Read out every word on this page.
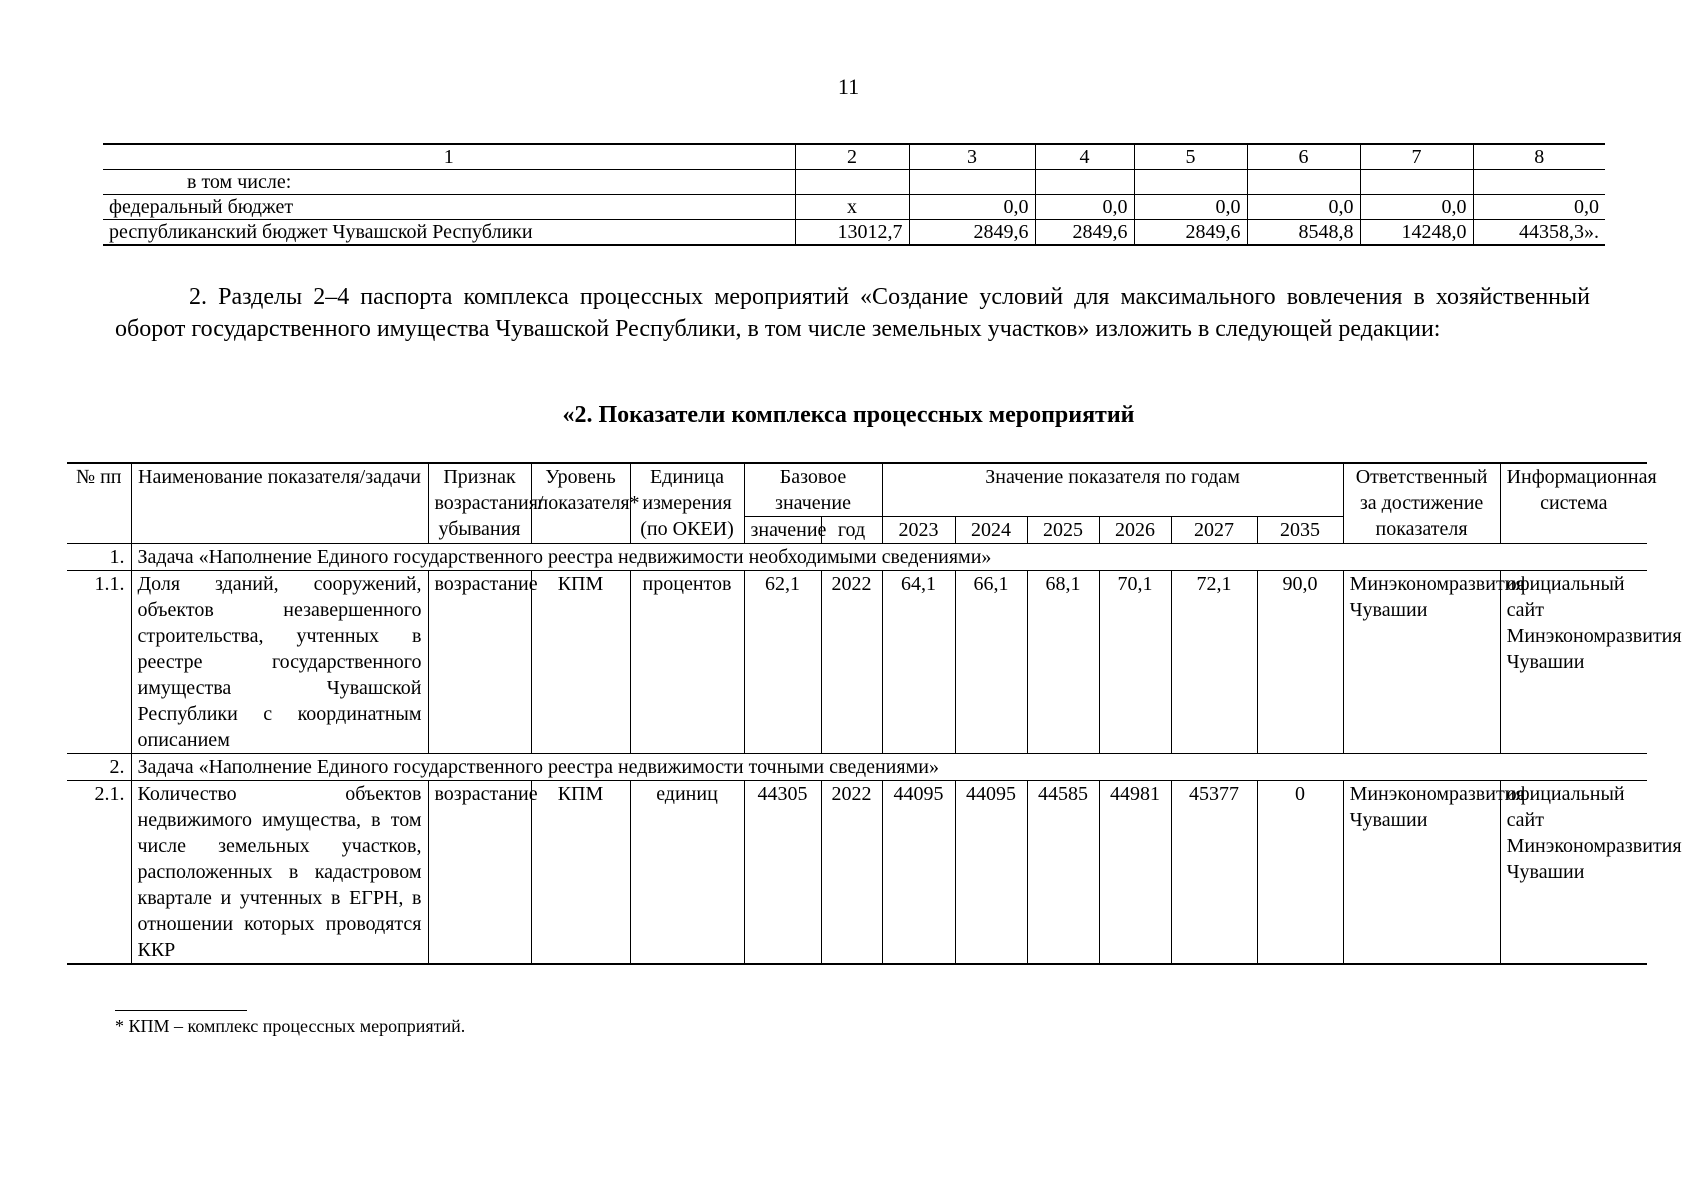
11
1	2	3	4	5	6	7	8
в том числе:							
федеральный бюджет	х	0,0	0,0	0,0	0,0	0,0	0,0
республиканский бюджет Чувашской Республики	13012,7	2849,6	2849,6	2849,6	8548,8	14248,0	44358,3».
2. Разделы 2–4 паспорта комплекса процессных мероприятий «Создание условий для максимального вовлечения в хозяйственный оборот государственного имущества Чувашской Республики, в том числе земельных участков» изложить в следующей редакции:
«2. Показатели комплекса процессных мероприятий
№ пп	Наименование показателя/задачи	Признак возрастания/убывания	Уровень показателя*	Единица измерения (по ОКЕИ)	Базовое значение		Значение показателя по годам						Ответственный за достижение показателя	Информационная система
					значение	год	2023	2024	2025	2026	2027	2035		
1.	Задача «Наполнение Единого государственного реестра недвижимости необходимыми сведениями»													
1.1.	Доля зданий, сооружений, объектов незавершенного строительства, учтенных в реестре государственного имущества Чувашской Республики с координатным описанием	возрастание	КПМ	процентов	62,1	2022	64,1	66,1	68,1	70,1	72,1	90,0	Минэкономразвития Чувашии	официальный сайт Минэкономразвития Чувашии
2.	Задача «Наполнение Единого государственного реестра недвижимости точными сведениями»													
2.1.	Количество объектов недвижимого имущества, в том числе земельных участков, расположенных в кадастровом квартале и учтенных в ЕГРН, в отношении которых проводятся ККР	возрастание	КПМ	единиц	44305	2022	44095	44095	44585	44981	45377	0	Минэкономразвития Чувашии	официальный сайт Минэкономразвития Чувашии
* КПМ – комплекс процессных мероприятий.
